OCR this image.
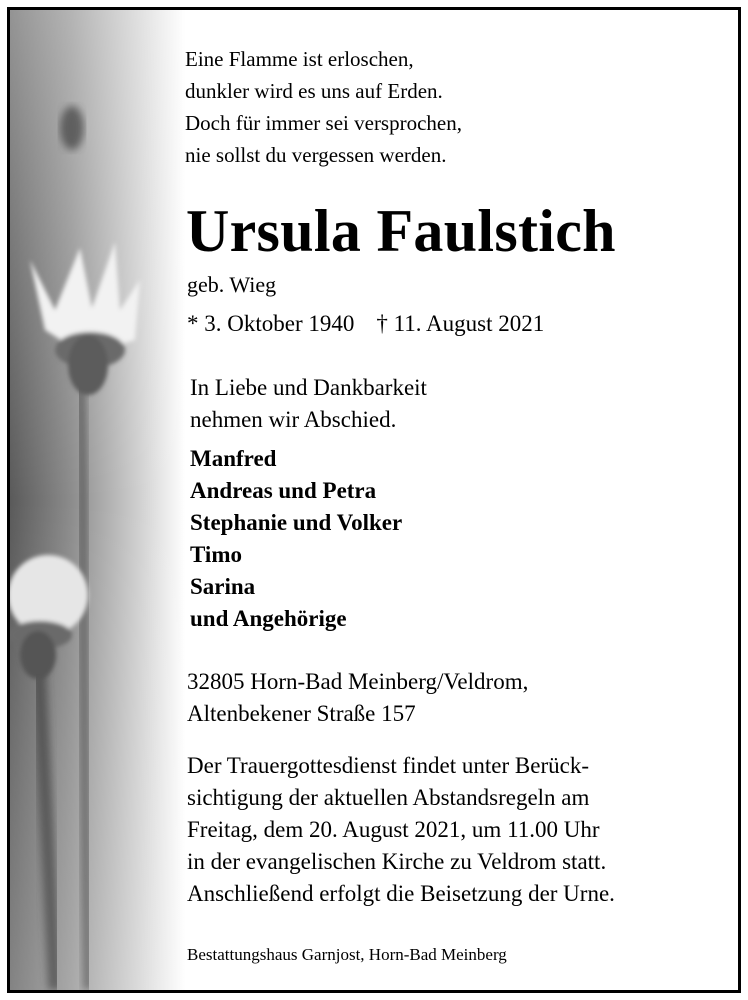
Eine Flamme ist erloschen,
dunkler wird es uns auf Erden.
Doch für immer sei versprochen,
nie sollst du vergessen werden.
Ursula Faulstich
geb. Wieg
* 3. Oktober 1940 † 11. August 2021
In Liebe und Dankbarkeit
nehmen wir Abschied.
Manfred
Andreas und Petra
Stephanie und Volker
Timo
Sarina
und Angehörige
32805 Horn-Bad Meinberg/Veldrom,
Altenbekener Straße 157
Der Trauergottesdienst findet unter Berück-
sichtigung der aktuellen Abstandsregeln am
Freitag, dem 20. August 2021, um 11.00 Uhr
in der evangelischen Kirche zu Veldrom statt.
Anschließend erfolgt die Beisetzung der Urne.
Bestattungshaus Garnjost, Horn-Bad Meinberg
